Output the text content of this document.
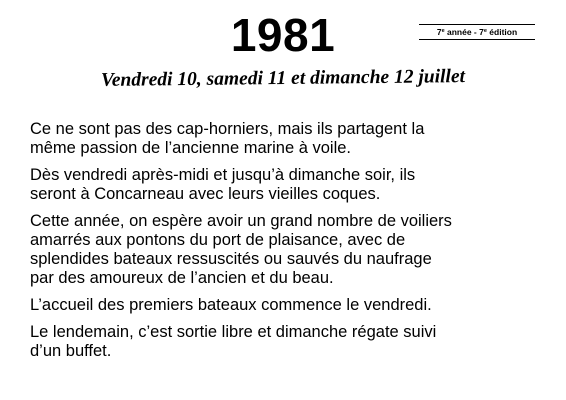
1981	7e année - 7e édition
Vendredi 10, samedi 11 et dimanche 12 juillet

Ce ne sont pas des cap-horniers, mais ils partagent la
même passion de l’ancienne marine à voile.

Dès vendredi après-midi et jusqu’à dimanche soir, ils
seront à Concarneau avec leurs vieilles coques.

Cette année, on espère avoir un grand nombre de voiliers
amarrés aux pontons du port de plaisance, avec de
splendides bateaux ressuscités ou sauvés du naufrage
par des amoureux de l’ancien et du beau.

L’accueil des premiers bateaux commence le vendredi.

Le lendemain, c’est sortie libre et dimanche régate suivi
d’un buffet.
